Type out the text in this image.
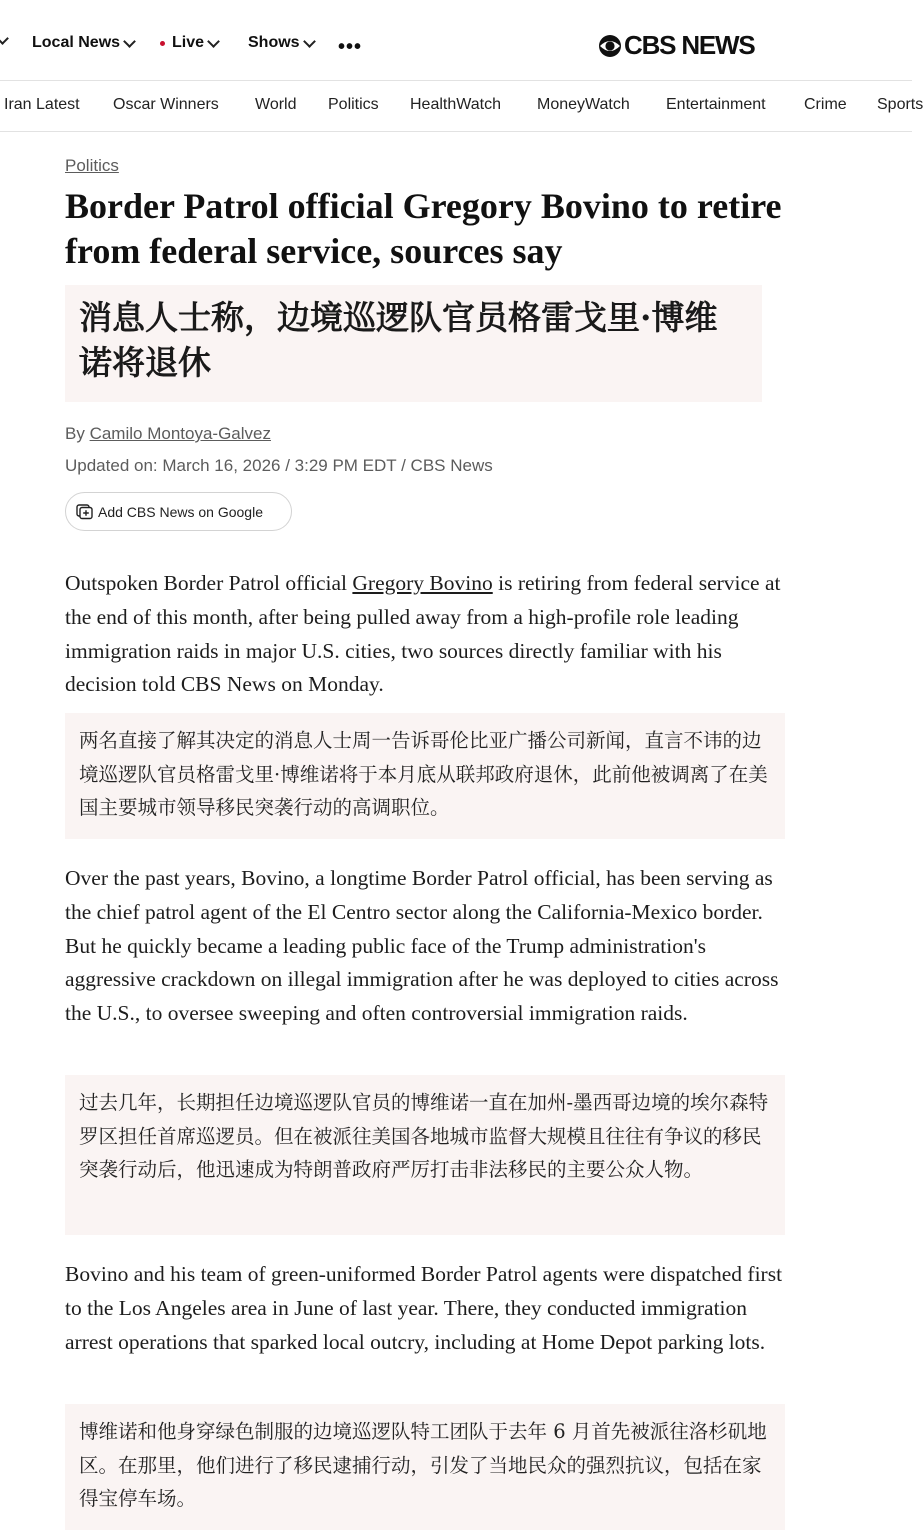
Local News	Live	Shows •••	CBS NEWS
Iran Latest Oscar Winners World Politics HealthWatch MoneyWatch Entertainment Crime Sports
Politics
Border Patrol official Gregory Bovino to retire from federal service, sources say
消息人士称，边境巡逻队官员格雷戈里·博维诺将退休
By Camilo Montoya-Galvez
Updated on: March 16, 2026 / 3:29 PM EDT / CBS News
Add CBS News on Google

Outspoken Border Patrol official Gregory Bovino is retiring from federal service at the end of this month, after being pulled away from a high-profile role leading immigration raids in major U.S. cities, two sources directly familiar with his decision told CBS News on Monday.

两名直接了解其决定的消息人士周一告诉哥伦比亚广播公司新闻，直言不讳的边境巡逻队官员格雷戈里·博维诺将于本月底从联邦政府退休，此前他被调离了在美国主要城市领导移民突袭行动的高调职位。

Over the past years, Bovino, a longtime Border Patrol official, has been serving as the chief patrol agent of the El Centro sector along the California-Mexico border. But he quickly became a leading public face of the Trump administration's aggressive crackdown on illegal immigration after he was deployed to cities across the U.S., to oversee sweeping and often controversial immigration raids.

过去几年，长期担任边境巡逻队官员的博维诺一直在加州-墨西哥边境的埃尔森特罗区担任首席巡逻员。但在被派往美国各地城市监督大规模且往往有争议的移民突袭行动后，他迅速成为特朗普政府严厉打击非法移民的主要公众人物。

Bovino and his team of green-uniformed Border Patrol agents were dispatched first to the Los Angeles area in June of last year. There, they conducted immigration arrest operations that sparked local outcry, including at Home Depot parking lots.

博维诺和他身穿绿色制服的边境巡逻队特工团队于去年 6 月首先被派往洛杉矶地区。在那里，他们进行了移民逮捕行动，引发了当地民众的强烈抗议，包括在家得宝停车场。
